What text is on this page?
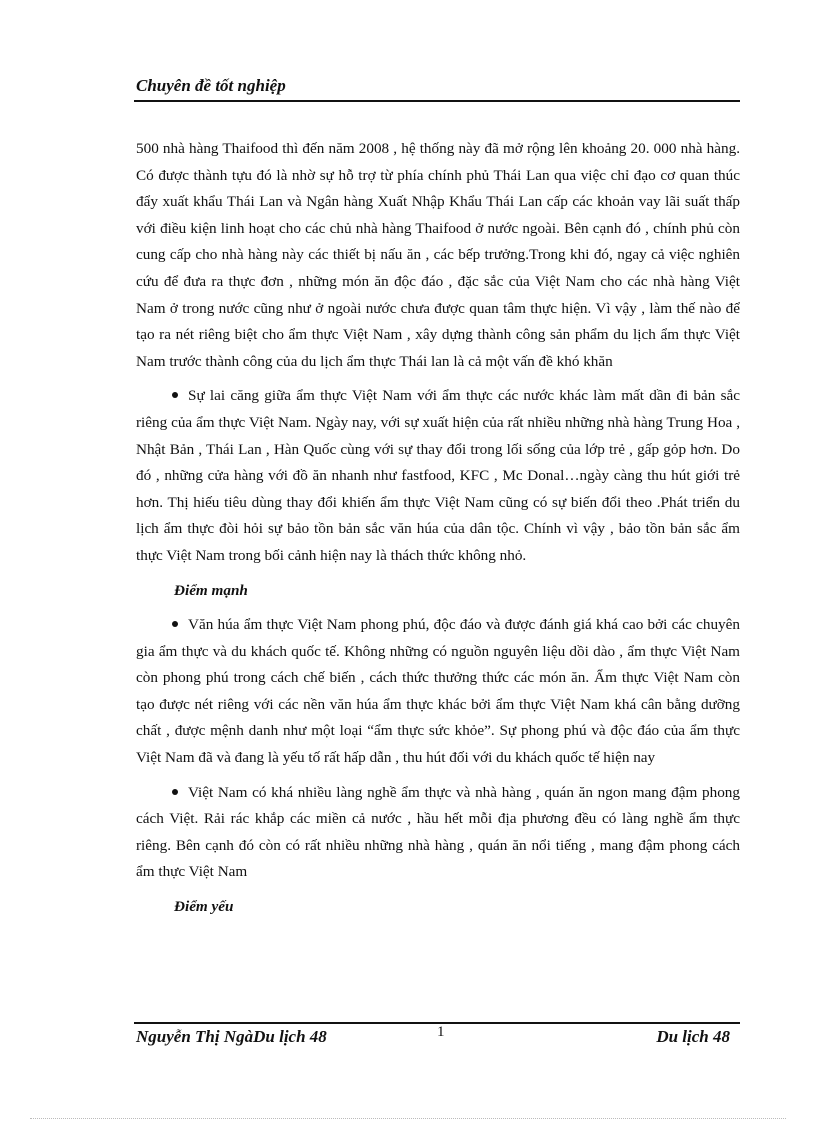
Chuyên đề tốt nghiệp

500 nhà hàng Thaifood thì đến năm 2008 , hệ thống này đã mở rộng lên khoảng 20. 000 nhà hàng. Có được thành tựu đó là nhờ sự hỗ trợ từ phía chính phủ Thái Lan qua việc chỉ đạo cơ quan thúc đẩy xuất khẩu Thái Lan và Ngân hàng Xuất Nhập Khẩu Thái Lan cấp các khoản vay lãi suất thấp với điều kiện linh hoạt cho các chủ nhà hàng Thaifood ở nước ngoài. Bên cạnh đó , chính phủ còn cung cấp cho nhà hàng này các thiết bị nấu ăn , các bếp trưởng.Trong khi đó, ngay cả việc nghiên cứu để đưa ra thực đơn , những món ăn độc đáo , đặc sắc của Việt Nam cho các nhà hàng Việt Nam ở trong nước cũng như ở ngoài nước chưa được quan tâm thực hiện. Vì vậy , làm thế nào để tạo ra nét riêng biệt cho ẩm thực Việt Nam , xây dựng thành công sản phẩm du lịch ẩm thực Việt Nam trước thành công của du lịch ẩm thực Thái lan là cả một vấn đề khó khăn

Sự lai căng giữa ẩm thực Việt Nam với ẩm thực các nước khác làm mất dần đi bản sắc riêng của ẩm thực Việt Nam. Ngày nay, với sự xuất hiện của rất nhiều những nhà hàng Trung Hoa , Nhật Bản , Thái Lan , Hàn Quốc cùng với sự thay đổi trong lối sống của lớp trẻ , gấp gỏp hơn. Do đó , những cửa hàng với đồ ăn nhanh như fastfood, KFC , Mc Donal…ngày càng thu hút giới trẻ hơn. Thị hiếu tiêu dùng thay đổi khiến ẩm thực Việt Nam cũng có sự biến đổi theo .Phát triển du lịch ẩm thực đòi hỏi sự bảo tồn bản sắc văn húa của dân tộc. Chính vì vậy , bảo tồn bản sắc ẩm thực Việt Nam trong bối cảnh hiện nay là thách thức không nhỏ.

Điểm mạnh

Văn húa ẩm thực Việt Nam phong phú, độc đáo và được đánh giá khá cao bởi các chuyên gia ẩm thực và du khách quốc tế. Không những có nguồn nguyên liệu dồi dào , ẩm thực Việt Nam còn phong phú trong cách chế biến , cách thức thưởng thức các món ăn. Ẩm thực Việt Nam còn tạo được nét riêng với các nền văn húa ẩm thực khác bởi ẩm thực Việt Nam khá cân bằng dưỡng chất , được mệnh danh như một loại “ẩm thực sức khỏe”. Sự phong phú và độc đáo của ẩm thực Việt Nam đã và đang là yếu tố rất hấp dẫn , thu hút đối với du khách quốc tế hiện nay

Việt Nam có khá nhiều làng nghề ẩm thực và nhà hàng , quán ăn ngon mang đậm phong cách Việt. Rải rác khắp các miền cả nước , hầu hết mỗi địa phương đều có làng nghề ẩm thực riêng. Bên cạnh đó còn có rất nhiều những nhà hàng , quán ăn nổi tiếng , mang đậm phong cách ẩm thực Việt Nam

Điểm yếu
Nguyễn Thị NgàDu lịch 48	1	Du lịch 48
